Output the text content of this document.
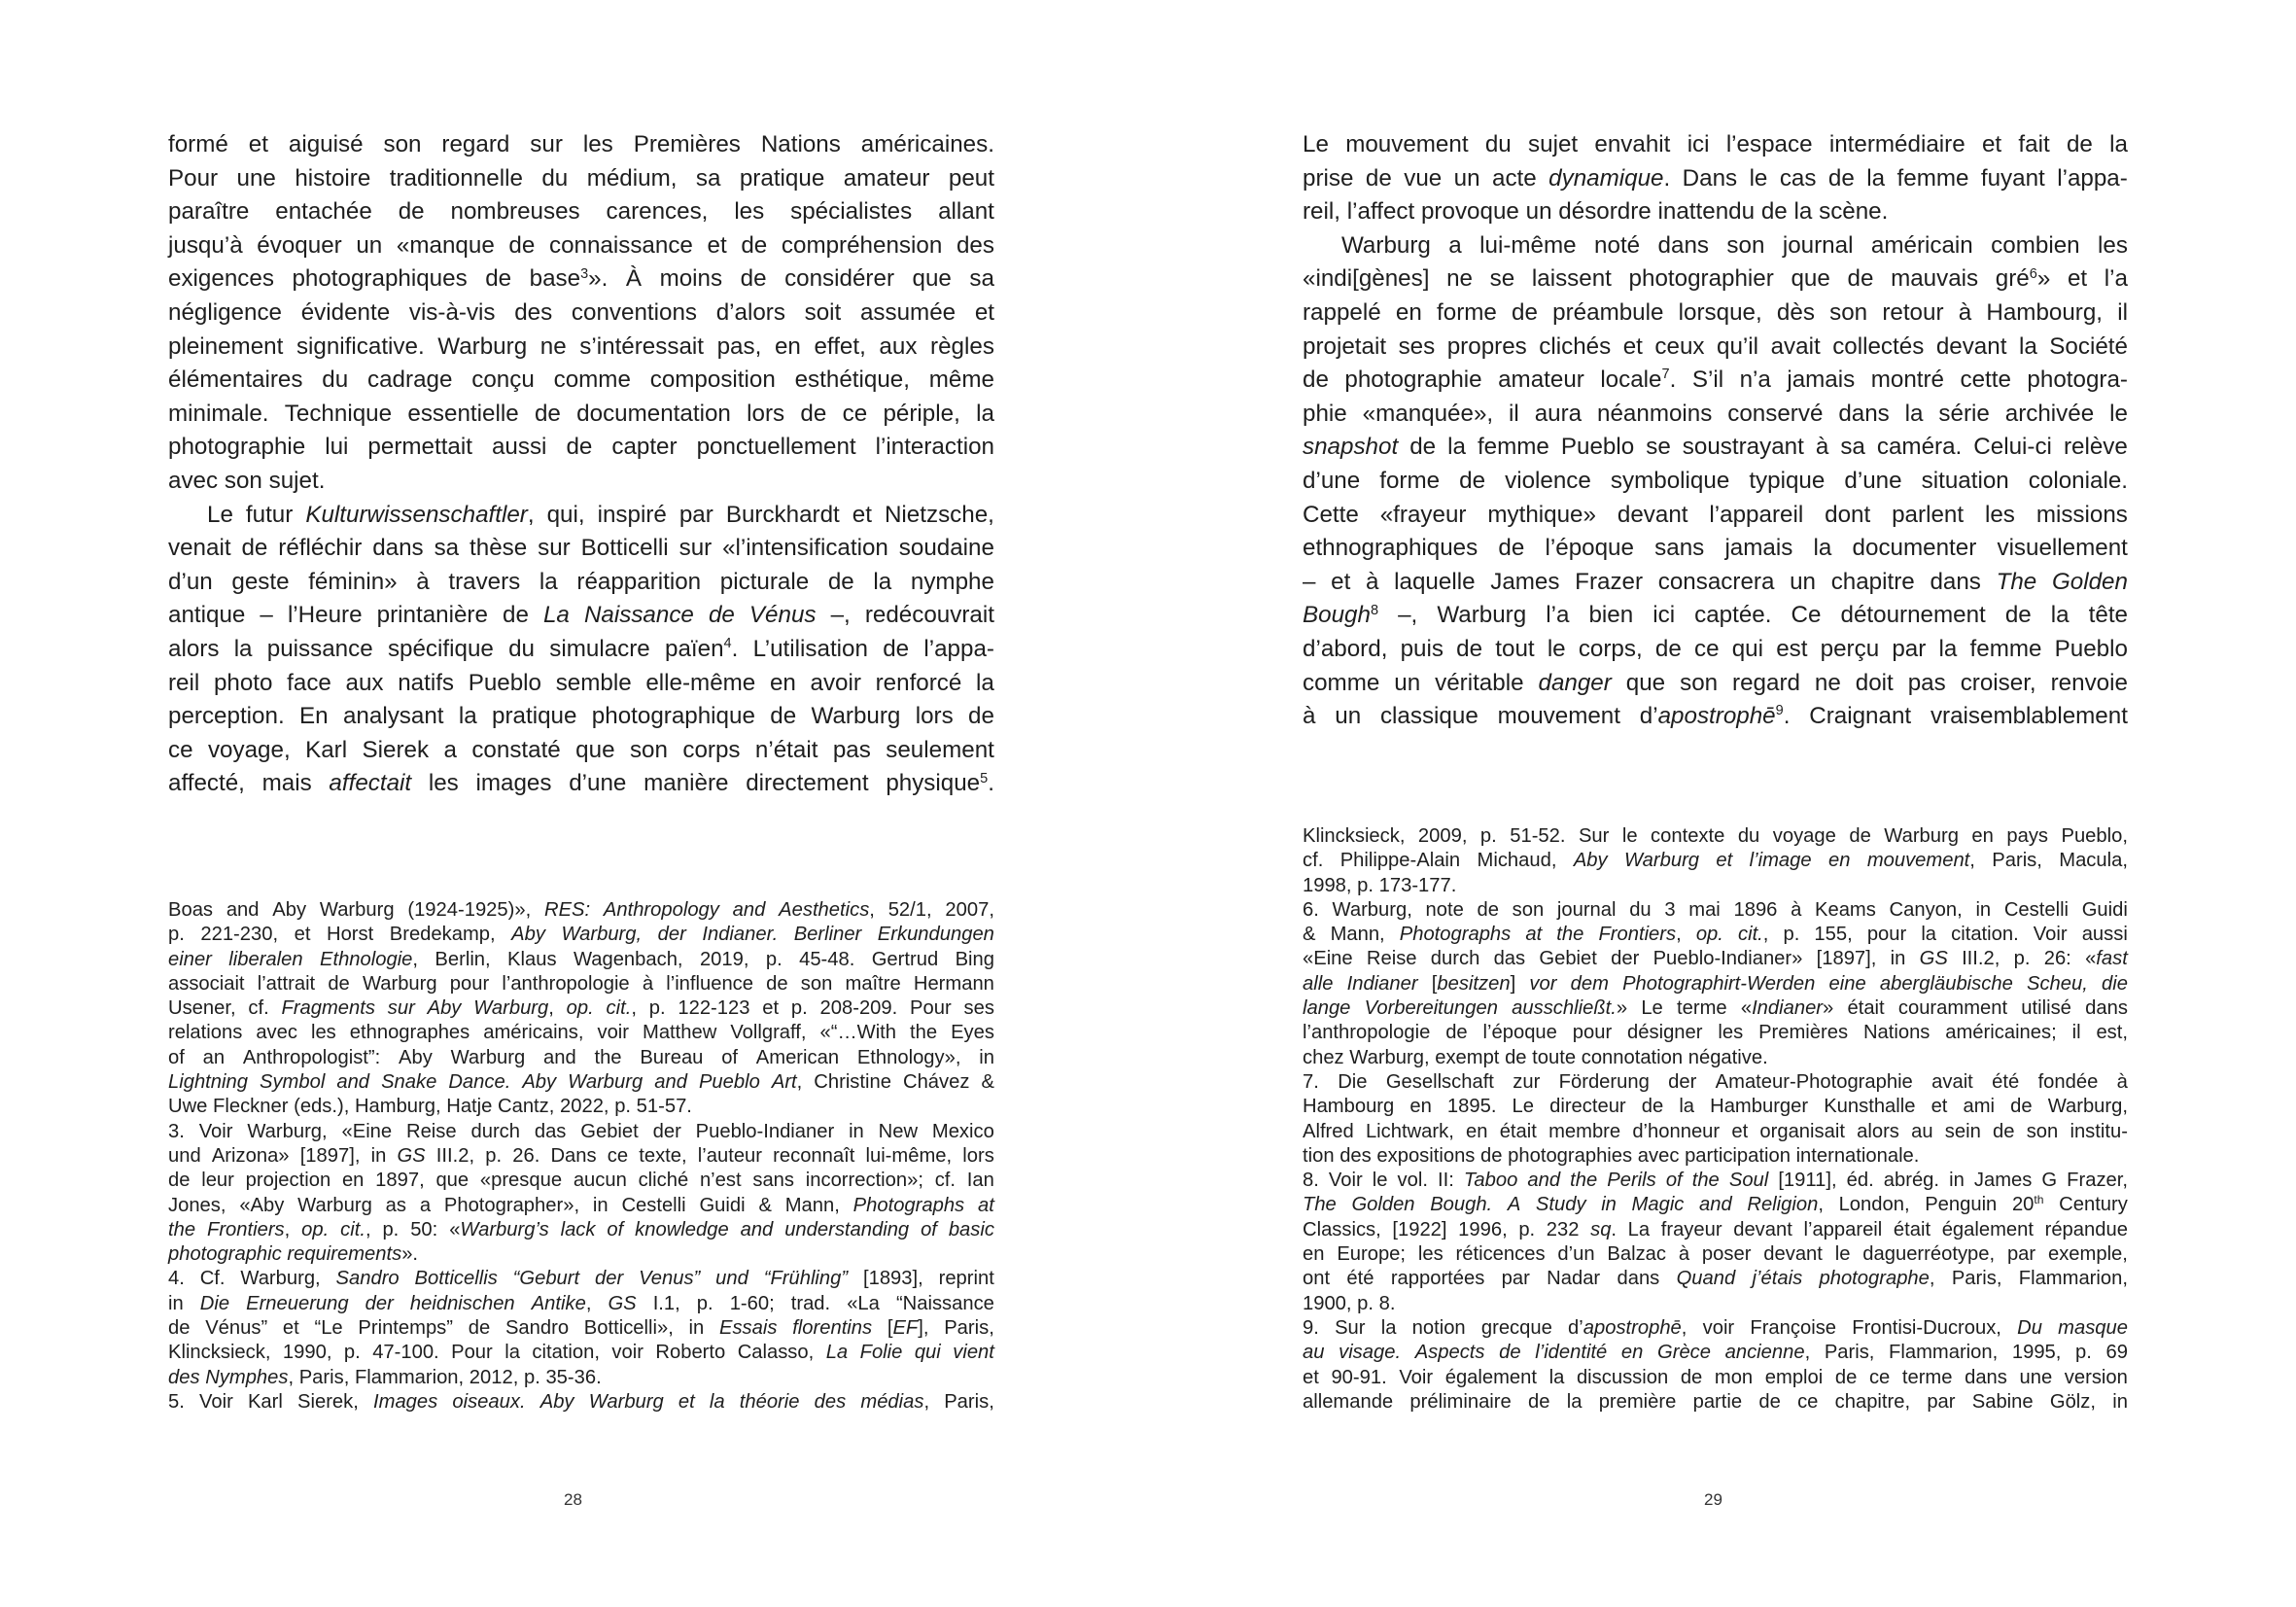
formé et aiguisé son regard sur les Premières Nations américaines.
Pour une histoire traditionnelle du médium, sa pratique amateur peut
paraître entachée de nombreuses carences, les spécialistes allant
jusqu’à évoquer un «manque de connaissance et de compréhension des
exigences photographiques de base$^3$». À moins de considérer que sa
négligence évidente vis-à-vis des conventions d’alors soit assumée et
pleinement significative. Warburg ne s’intéressait pas, en effet, aux règles
élémentaires du cadrage conçu comme composition esthétique, même
minimale. Technique essentielle de documentation lors de ce périple, la
photographie lui permettait aussi de capter ponctuellement l’interaction
avec son sujet.
Le futur Kulturwissenschaftler, qui, inspiré par Burckhardt et Nietzsche,
venait de réfléchir dans sa thèse sur Botticelli sur «l’intensification soudaine
d’un geste féminin» à travers la réapparition picturale de la nymphe
antique – l’Heure printanière de La Naissance de Vénus –, redécouvrait
alors la puissance spécifique du simulacre païen$^4$. L’utilisation de l’appa-
reil photo face aux natifs Pueblo semble elle-même en avoir renforcé la
perception. En analysant la pratique photographique de Warburg lors de
ce voyage, Karl Sierek a constaté que son corps n’était pas seulement
affecté, mais affectait les images d’une manière directement physique$^5$.
Boas and Aby Warburg (1924-1925)», RES: Anthropology and Aesthetics, 52/1, 2007,
p. 221-230, et Horst Bredekamp, Aby Warburg, der Indianer. Berliner Erkundungen
einer liberalen Ethnologie, Berlin, Klaus Wagenbach, 2019, p. 45-48. Gertrud Bing
associait l’attrait de Warburg pour l’anthropologie à l’influence de son maître Hermann
Usener, cf. Fragments sur Aby Warburg, op. cit., p. 122-123 et p. 208-209. Pour ses
relations avec les ethnographes américains, voir Matthew Vollgraff, «“…With the Eyes
of an Anthropologist”: Aby Warburg and the Bureau of American Ethnology», in
Lightning Symbol and Snake Dance. Aby Warburg and Pueblo Art, Christine Chávez &
Uwe Fleckner (eds.), Hamburg, Hatje Cantz, 2022, p. 51-57.
3. Voir Warburg, «Eine Reise durch das Gebiet der Pueblo-Indianer in New Mexico
und Arizona» [1897], in GS III.2, p. 26. Dans ce texte, l’auteur reconnaît lui-même, lors
de leur projection en 1897, que «presque aucun cliché n’est sans incorrection»; cf. Ian
Jones, «Aby Warburg as a Photographer», in Cestelli Guidi & Mann, Photographs at
the Frontiers, op. cit., p. 50: «Warburg’s lack of knowledge and understanding of basic
photographic requirements».
4. Cf. Warburg, Sandro Botticellis “Geburt der Venus” und “Frühling” [1893], reprint
in Die Erneuerung der heidnischen Antike, GS I.1, p. 1-60; trad. «La “Naissance
de Vénus” et “Le Printemps” de Sandro Botticelli», in Essais florentins [EF], Paris,
Klincksieck, 1990, p. 47-100. Pour la citation, voir Roberto Calasso, La Folie qui vient
des Nymphes, Paris, Flammarion, 2012, p. 35-36.
5. Voir Karl Sierek, Images oiseaux. Aby Warburg et la théorie des médias, Paris,
28
Le mouvement du sujet envahit ici l’espace intermédiaire et fait de la
prise de vue un acte dynamique. Dans le cas de la femme fuyant l’appa-
reil, l’affect provoque un désordre inattendu de la scène.
Warburg a lui-même noté dans son journal américain combien les
«indi[gènes] ne se laissent photographier que de mauvais gré$^6$» et l’a
rappelé en forme de préambule lorsque, dès son retour à Hambourg, il
projetait ses propres clichés et ceux qu’il avait collectés devant la Société
de photographie amateur locale$^7$. S’il n’a jamais montré cette photogra-
phie «manquée», il aura néanmoins conservé dans la série archivée le
snapshot de la femme Pueblo se soustrayant à sa caméra. Celui-ci relève
d’une forme de violence symbolique typique d’une situation coloniale.
Cette «frayeur mythique» devant l’appareil dont parlent les missions
ethnographiques de l’époque sans jamais la documenter visuellement
– et à laquelle James Frazer consacrera un chapitre dans The Golden
Bough$^8$ –, Warburg l’a bien ici captée. Ce détournement de la tête
d’abord, puis de tout le corps, de ce qui est perçu par la femme Pueblo
comme un véritable danger que son regard ne doit pas croiser, renvoie
à un classique mouvement d’apostrophē$^9$. Craignant vraisemblablement
Klincksieck, 2009, p. 51-52. Sur le contexte du voyage de Warburg en pays Pueblo,
cf. Philippe-Alain Michaud, Aby Warburg et l’image en mouvement, Paris, Macula,
1998, p. 173-177.
6. Warburg, note de son journal du 3 mai 1896 à Keams Canyon, in Cestelli Guidi
& Mann, Photographs at the Frontiers, op. cit., p. 155, pour la citation. Voir aussi
«Eine Reise durch das Gebiet der Pueblo-Indianer» [1897], in GS III.2, p. 26: «fast
alle Indianer [besitzen] vor dem Photographirt-Werden eine abergläubische Scheu, die
lange Vorbereitungen ausschließt.» Le terme «Indianer» était couramment utilisé dans
l’anthropologie de l’époque pour désigner les Premières Nations américaines; il est,
chez Warburg, exempt de toute connotation négative.
7. Die Gesellschaft zur Förderung der Amateur-Photographie avait été fondée à
Hambourg en 1895. Le directeur de la Hamburger Kunsthalle et ami de Warburg,
Alfred Lichtwark, en était membre d’honneur et organisait alors au sein de son institu-
tion des expositions de photographies avec participation internationale.
8. Voir le vol. II: Taboo and the Perils of the Soul [1911], éd. abrég. in James G Frazer,
The Golden Bough. A Study in Magic and Religion, London, Penguin 20th Century
Classics, [1922] 1996, p. 232 sq. La frayeur devant l’appareil était également répandue
en Europe; les réticences d’un Balzac à poser devant le daguerréotype, par exemple,
ont été rapportées par Nadar dans Quand j’étais photographe, Paris, Flammarion,
1900, p. 8.
9. Sur la notion grecque d’apostrophē, voir Françoise Frontisi-Ducroux, Du masque
au visage. Aspects de l’identité en Grèce ancienne, Paris, Flammarion, 1995, p. 69
et 90-91. Voir également la discussion de mon emploi de ce terme dans une version
allemande préliminaire de la première partie de ce chapitre, par Sabine Gölz, in
29
